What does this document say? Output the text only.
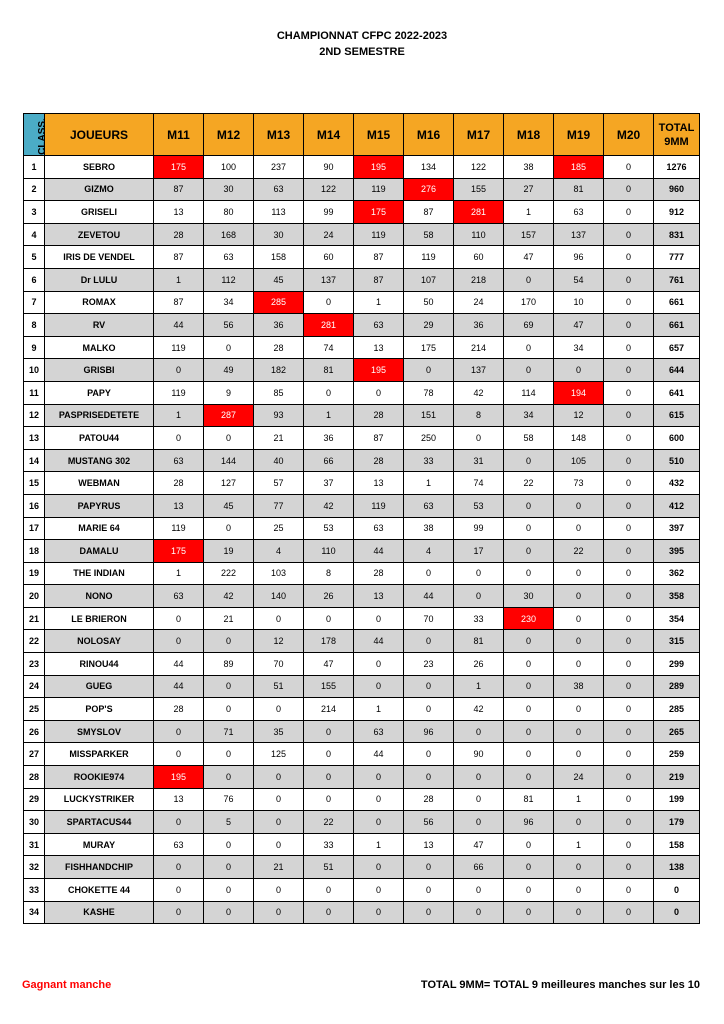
CHAMPIONNAT CFPC 2022-2023
2ND SEMESTRE
CLASS.	JOUEURS	M11	M12	M13	M14	M15	M16	M17	M18	M19	M20	TOTAL 9MM
1	SEBRO	175	100	237	90	195	134	122	38	185	0	1276
2	GIZMO	87	30	63	122	119	276	155	27	81	0	960
3	GRISELI	13	80	113	99	175	87	281	1	63	0	912
4	ZEVETOU	28	168	30	24	119	58	110	157	137	0	831
5	IRIS DE VENDEL	87	63	158	60	87	119	60	47	96	0	777
6	Dr LULU	1	112	45	137	87	107	218	0	54	0	761
7	ROMAX	87	34	285	0	1	50	24	170	10	0	661
8	RV	44	56	36	281	63	29	36	69	47	0	661
9	MALKO	119	0	28	74	13	175	214	0	34	0	657
10	GRISBI	0	49	182	81	195	0	137	0	0	0	644
11	PAPY	119	9	85	0	0	78	42	114	194	0	641
12	PASPRISEDETETE	1	287	93	1	28	151	8	34	12	0	615
13	PATOU44	0	0	21	36	87	250	0	58	148	0	600
14	MUSTANG 302	63	144	40	66	28	33	31	0	105	0	510
15	WEBMAN	28	127	57	37	13	1	74	22	73	0	432
16	PAPYRUS	13	45	77	42	119	63	53	0	0	0	412
17	MARIE 64	119	0	25	53	63	38	99	0	0	0	397
18	DAMALU	175	19	4	110	44	4	17	0	22	0	395
19	THE INDIAN	1	222	103	8	28	0	0	0	0	0	362
20	NONO	63	42	140	26	13	44	0	30	0	0	358
21	LE BRIERON	0	21	0	0	0	70	33	230	0	0	354
22	NOLOSAY	0	0	12	178	44	0	81	0	0	0	315
23	RINOU44	44	89	70	47	0	23	26	0	0	0	299
24	GUEG	44	0	51	155	0	0	1	0	38	0	289
25	POP'S	28	0	0	214	1	0	42	0	0	0	285
26	SMYSLOV	0	71	35	0	63	96	0	0	0	0	265
27	MISSPARKER	0	0	125	0	44	0	90	0	0	0	259
28	ROOKIE974	195	0	0	0	0	0	0	0	24	0	219
29	LUCKYSTRIKER	13	76	0	0	0	28	0	81	1	0	199
30	SPARTACUS44	0	5	0	22	0	56	0	96	0	0	179
31	MURAY	63	0	0	33	1	13	47	0	1	0	158
32	FISHHANDCHIP	0	0	21	51	0	0	66	0	0	0	138
33	CHOKETTE 44	0	0	0	0	0	0	0	0	0	0	0
34	KASHE	0	0	0	0	0	0	0	0	0	0	0
Gagnant manche	TOTAL 9MM= TOTAL 9 meilleures manches sur les 10
